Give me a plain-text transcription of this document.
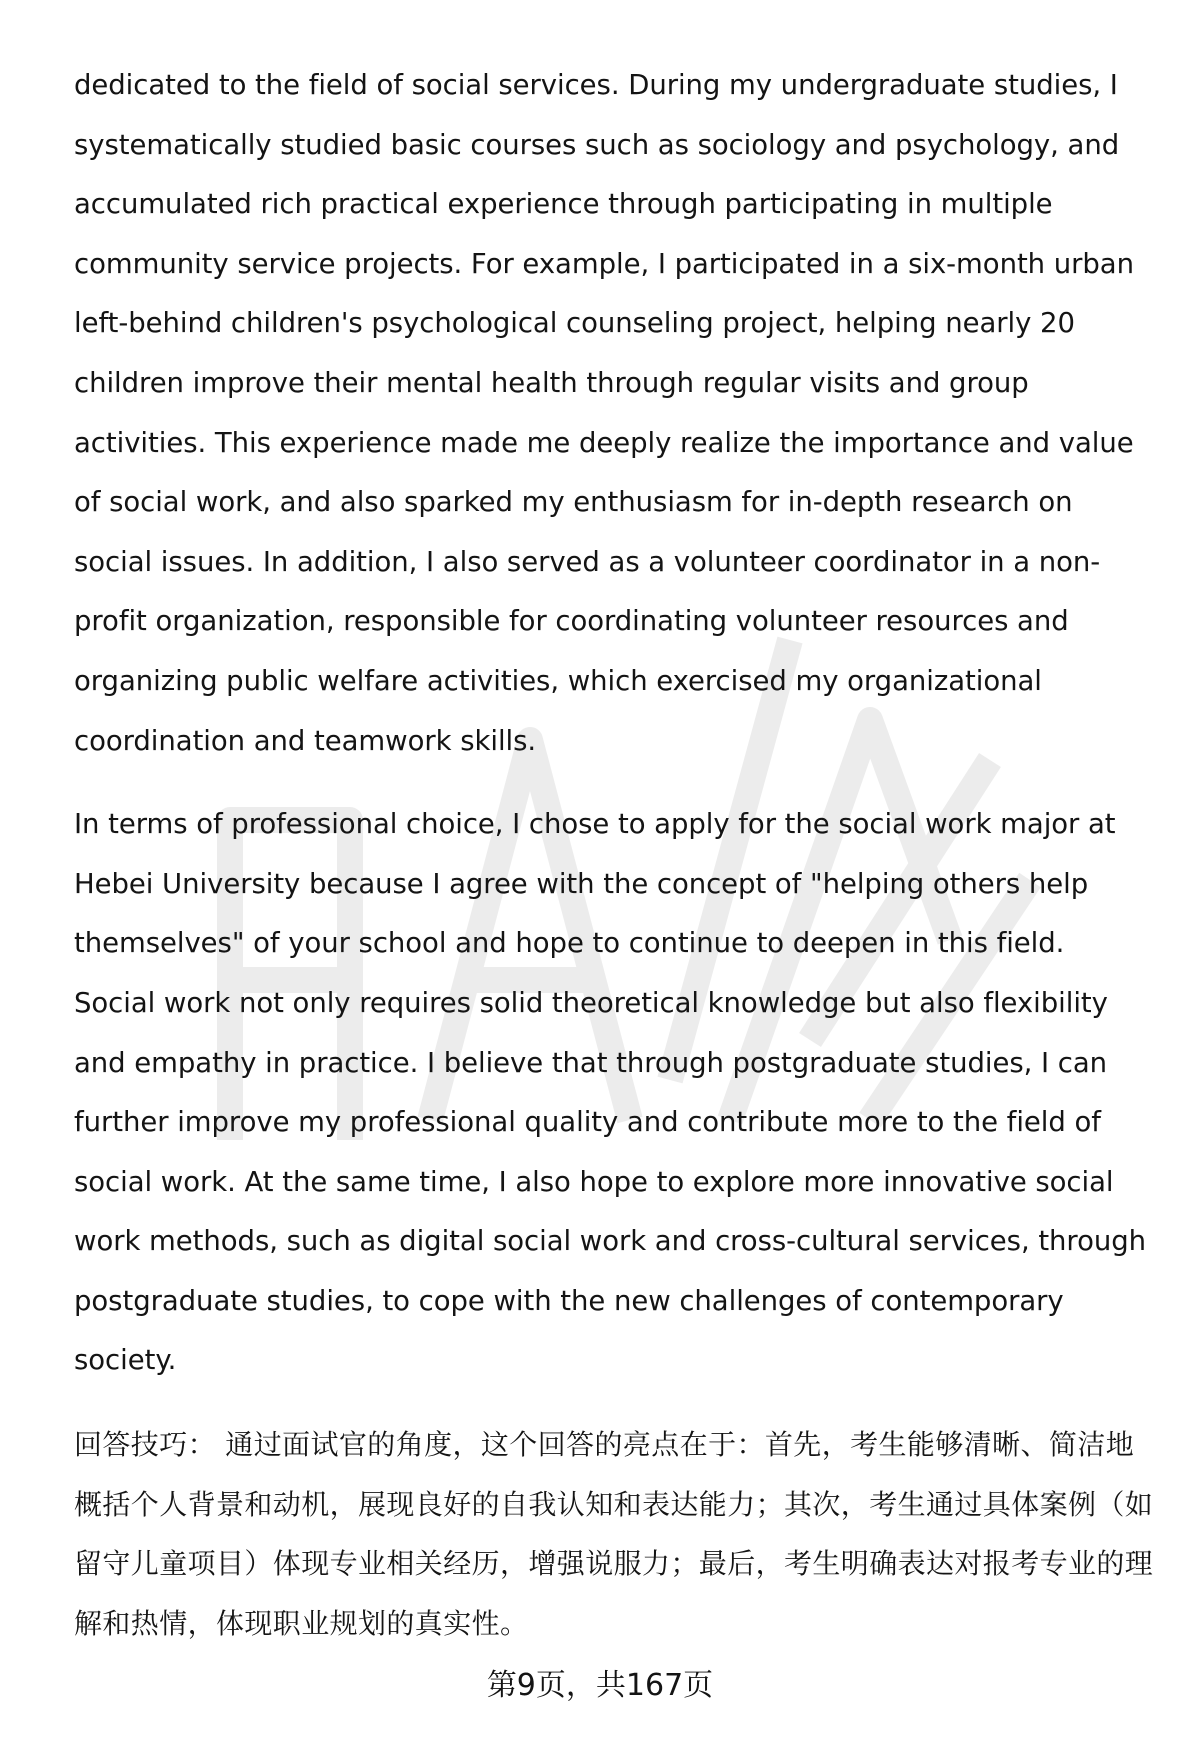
dedicated to the field of social services. During my undergraduate studies, I systematically studied basic courses such as sociology and psychology, and accumulated rich practical experience through participating in multiple community service projects. For example, I participated in a six-month urban left-behind children's psychological counseling project, helping nearly 20 children improve their mental health through regular visits and group activities. This experience made me deeply realize the importance and value of social work, and also sparked my enthusiasm for in-depth research on social issues. In addition, I also served as a volunteer coordinator in a non-profit organization, responsible for coordinating volunteer resources and organizing public welfare activities, which exercised my organizational coordination and teamwork skills.

In terms of professional choice, I chose to apply for the social work major at Hebei University because I agree with the concept of "helping others help themselves" of your school and hope to continue to deepen in this field. Social work not only requires solid theoretical knowledge but also flexibility and empathy in practice. I believe that through postgraduate studies, I can further improve my professional quality and contribute more to the field of social work. At the same time, I also hope to explore more innovative social work methods, such as digital social work and cross-cultural services, through postgraduate studies, to cope with the new challenges of contemporary society.

回答技巧： 通过面试官的角度，这个回答的亮点在于：首先，考生能够清晰、简洁地概括个人背景和动机，展现良好的自我认知和表达能力；其次，考生通过具体案例（如留守儿童项目）体现专业相关经历，增强说服力；最后，考生明确表达对报考专业的理解和热情，体现职业规划的真实性。

第9页，共167页
